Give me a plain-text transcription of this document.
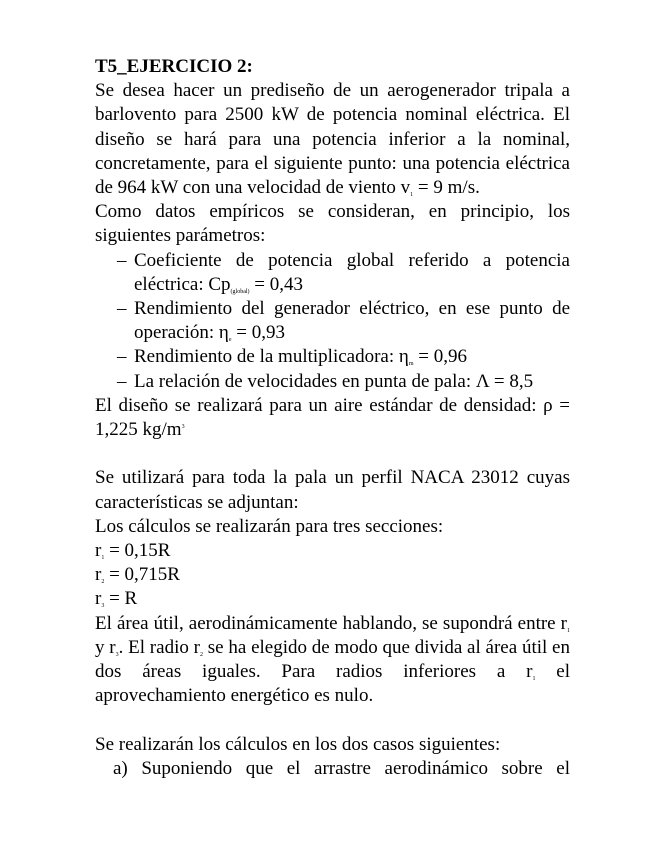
T5_EJERCICIO 2:

Se desea hacer un prediseño de un aerogenerador tripala a barlovento para 2500 kW de potencia nominal eléctrica. El diseño se hará para una potencia inferior a la nominal, concretamente, para el siguiente punto: una potencia eléctrica de 964 kW con una velocidad de viento $v_1 = 9$ m/s.

Como datos empíricos se consideran, en principio, los siguientes parámetros:

– Coeficiente de potencia global referido a potencia eléctrica: $Cp_{(global)} = 0,43$
– Rendimiento del generador eléctrico, en ese punto de operación: $\eta_e = 0,93$
– Rendimiento de la multiplicadora: $\eta_m = 0,96$
– La relación de velocidades en punta de pala: Λ = 8,5

El diseño se realizará para un aire estándar de densidad: ρ = 1,225 $kg/m^3$

Se utilizará para toda la pala un perfil NACA 23012 cuyas características se adjuntan:

Los cálculos se realizarán para tres secciones:

$r_1 = 0,15R$

$r_2 = 0,715R$

$r_3 = R$

El área útil, aerodinámicamente hablando, se supondrá entre $r_1$ y $r_3$. El radio $r_2$ se ha elegido de modo que divida al área útil en dos áreas iguales. Para radios inferiores a $r_1$ el aprovechamiento energético es nulo.

Se realizarán los cálculos en los dos casos siguientes:

a) Suponiendo que el arrastre aerodinámico sobre el
